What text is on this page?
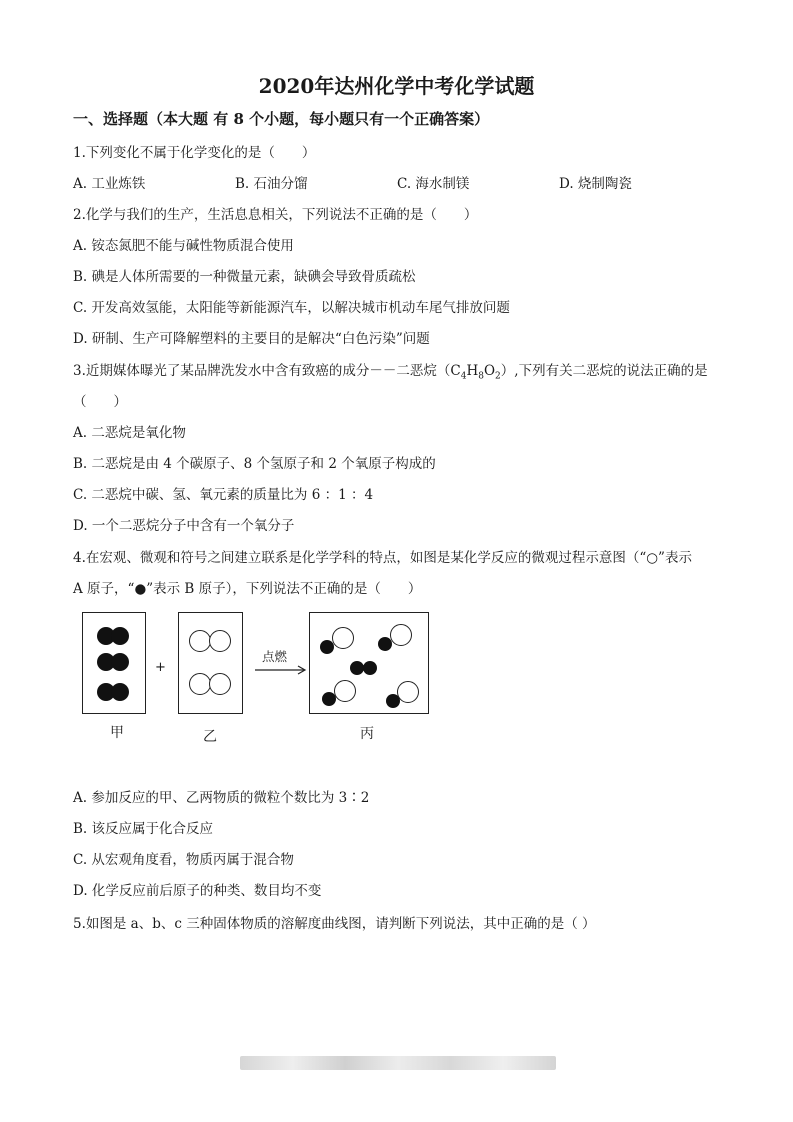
2020年达州化学中考化学试题
一、选择题（本大题 有 8 个小题，每小题只有一个正确答案）
1.下列变化不属于化学变化的是（　　）
A. 工业炼铁	B. 石油分馏	C. 海水制镁	D. 烧制陶瓷
2.化学与我们的生产，生活息息相关，下列说法不正确的是（　　）
A. 铵态氮肥不能与碱性物质混合使用
B. 碘是人体所需要的一种微量元素，缺碘会导致骨质疏松
C. 开发高效氢能，太阳能等新能源汽车，以解决城市机动车尾气排放问题
D. 研制、生产可降解塑料的主要目的是解决“白色污染”问题
3.近期媒体曝光了某品牌洗发水中含有致癌的成分－－二恶烷$(C_4H_8O_2)$,下列有关二恶烷的说法正确的是
（　　）
A. 二恶烷是氧化物
B. 二恶烷是由 4 个碳原子、8 个氢原子和 2 个氧原子构成的
C. 二恶烷中碳、氢、氧元素的质量比为 6 ：1 ：4
D. 一个二恶烷分子中含有一个氧分子
4.在宏观、微观和符号之间建立联系是化学学科的特点，如图是某化学反应的微观过程示意图（“○”表示
A 原子，“●”表示 B 原子），下列说法不正确的是（　　）
+
点燃
甲	乙	丙
A. 参加反应的甲、乙两物质的微粒个数比为 3∶2
B. 该反应属于化合反应
C. 从宏观角度看，物质丙属于混合物
D. 化学反应前后原子的种类、数目均不变
5.如图是 a、b、c 三种固体物质的溶解度曲线图，请判断下列说法，其中正确的是（ ）
